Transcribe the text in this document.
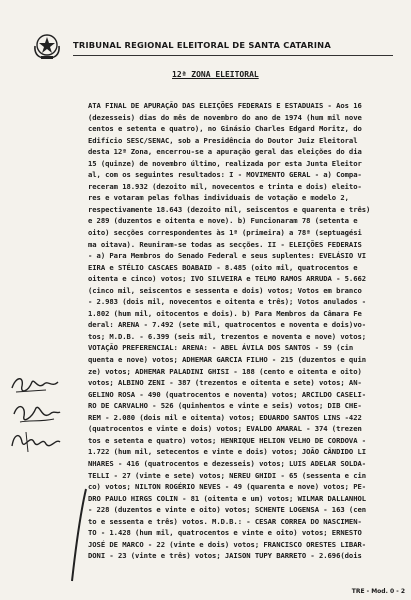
TRIBUNAL REGIONAL ELEITORAL DE SANTA CATARINA
12ª ZONA ELEITORAL
ATA FINAL DE APURAÇÃO DAS ELEIÇÕES FEDERAIS E ESTADUAIS - Aos 16
(dezesseis) dias do mês de novembro do ano de 1974 (hum mil nove
centos e setenta e quatro), no Ginásio Charles Edgard Moritz, do
Edifício SESC/SENAC, sob a Presidência do Doutor Juiz Eleitoral
desta 12ª Zona, encerrou-se a apuração geral das eleições do dia
15 (quinze) de novembro último, realizada por esta Junta Eleitor
al, com os seguintes resultados: I - MOVIMENTO GERAL - a) Compa-
receram 18.932 (dezoito mil, novecentos e trinta e dois) eleito-
res e votaram pelas folhas individuais de votação e modelo 2,
respectivamente 18.643 (dezoito mil, seiscentos e quarenta e três)
e 289 (duzentos e oitenta e nove). b) Funcionaram 78 (setenta e
oito) secções correspondentes às 1ª (primeira) a 78ª (septuagési
ma oitava). Reuniram-se todas as secções. II - ELEIÇÕES FEDERAIS
- a) Para Membros do Senado Federal e seus suplentes: EVELÁSIO VI
EIRA e STÉLIO CASCAES BOABAID - 8.485 (oito mil, quatrocentos e
oitenta e cinco) votos; IVO SILVEIRA e TELMO RAMOS ARRUDA - 5.662
(cinco mil, seiscentos e sessenta e dois) votos; Votos em branco
- 2.983 (dois mil, novecentos e oitenta e três); Votos anulados -
1.802 (hum mil, oitocentos e dois). b) Para Membros da Câmara Fe
deral: ARENA - 7.492 (sete mil, quatrocentos e noventa e dois)vo-
tos; M.D.B. - 6.399 (seis mil, trezentos e noventa e nove) votos;
VOTAÇÃO PREFERENCIAL: ARENA: - ABEL ÁVILA DOS SANTOS - 59 (cin
quenta e nove) votos; ADHEMAR GARCIA FILHO - 215 (duzentos e quin
ze) votos; ADHEMAR PALADINI GHISI - 188 (cento e oitenta e oito)
votos; ALBINO ZENI - 387 (trezentos e oitenta e sete) votos; AN-
GELINO ROSA - 490 (quatrocentos e noventa) votos; ARCILDO CASELI-
RO DE CARVALHO - 526 (quinhentos e vinte e seis) votos; DIB CHE-
REM - 2.080 (dois mil e oitenta) votos; EDUARDO SANTOS LINS -422
(quatrocentos e vinte e dois) votos; EVALDO AMARAL - 374 (trezen
tos e setenta e quatro) votos; HENRIQUE HELION VELHO DE CORDOVA -
1.722 (hum mil, setecentos e vinte e dois) votos; JOÃO CÂNDIDO LI
NHARES - 416 (quatrocentos e dezesseis) votos; LUIS ADELAR SOLDA-
TELLI - 27 (vinte e sete) votos; NEREU GHIDI - 65 (sessenta e cin
co) votos; NILTON ROGÉRIO NEVES - 49 (quarenta e nove) votos; PE-
DRO PAULO HIRGS COLIN - 81 (oitenta e um) votos; WILMAR DALLANHOL
- 228 (duzentos e vinte e oito) votos; SCHENTE LOGENSA - 163 (cen
to e sessenta e três) votos. M.D.B.: - CESAR CORREA DO NASCIMEN-
TO - 1.428 (hum mil, quatrocentos e vinte e oito) votos; ERNESTO
JOSÉ DE MARCO - 22 (vinte e dois) votos; FRANCISCO ORESTES LIBAR-
DONI - 23 (vinte e três) votos; JAISON TUPY BARRETO - 2.696(dois
TRE - Mod. 0 - 2
